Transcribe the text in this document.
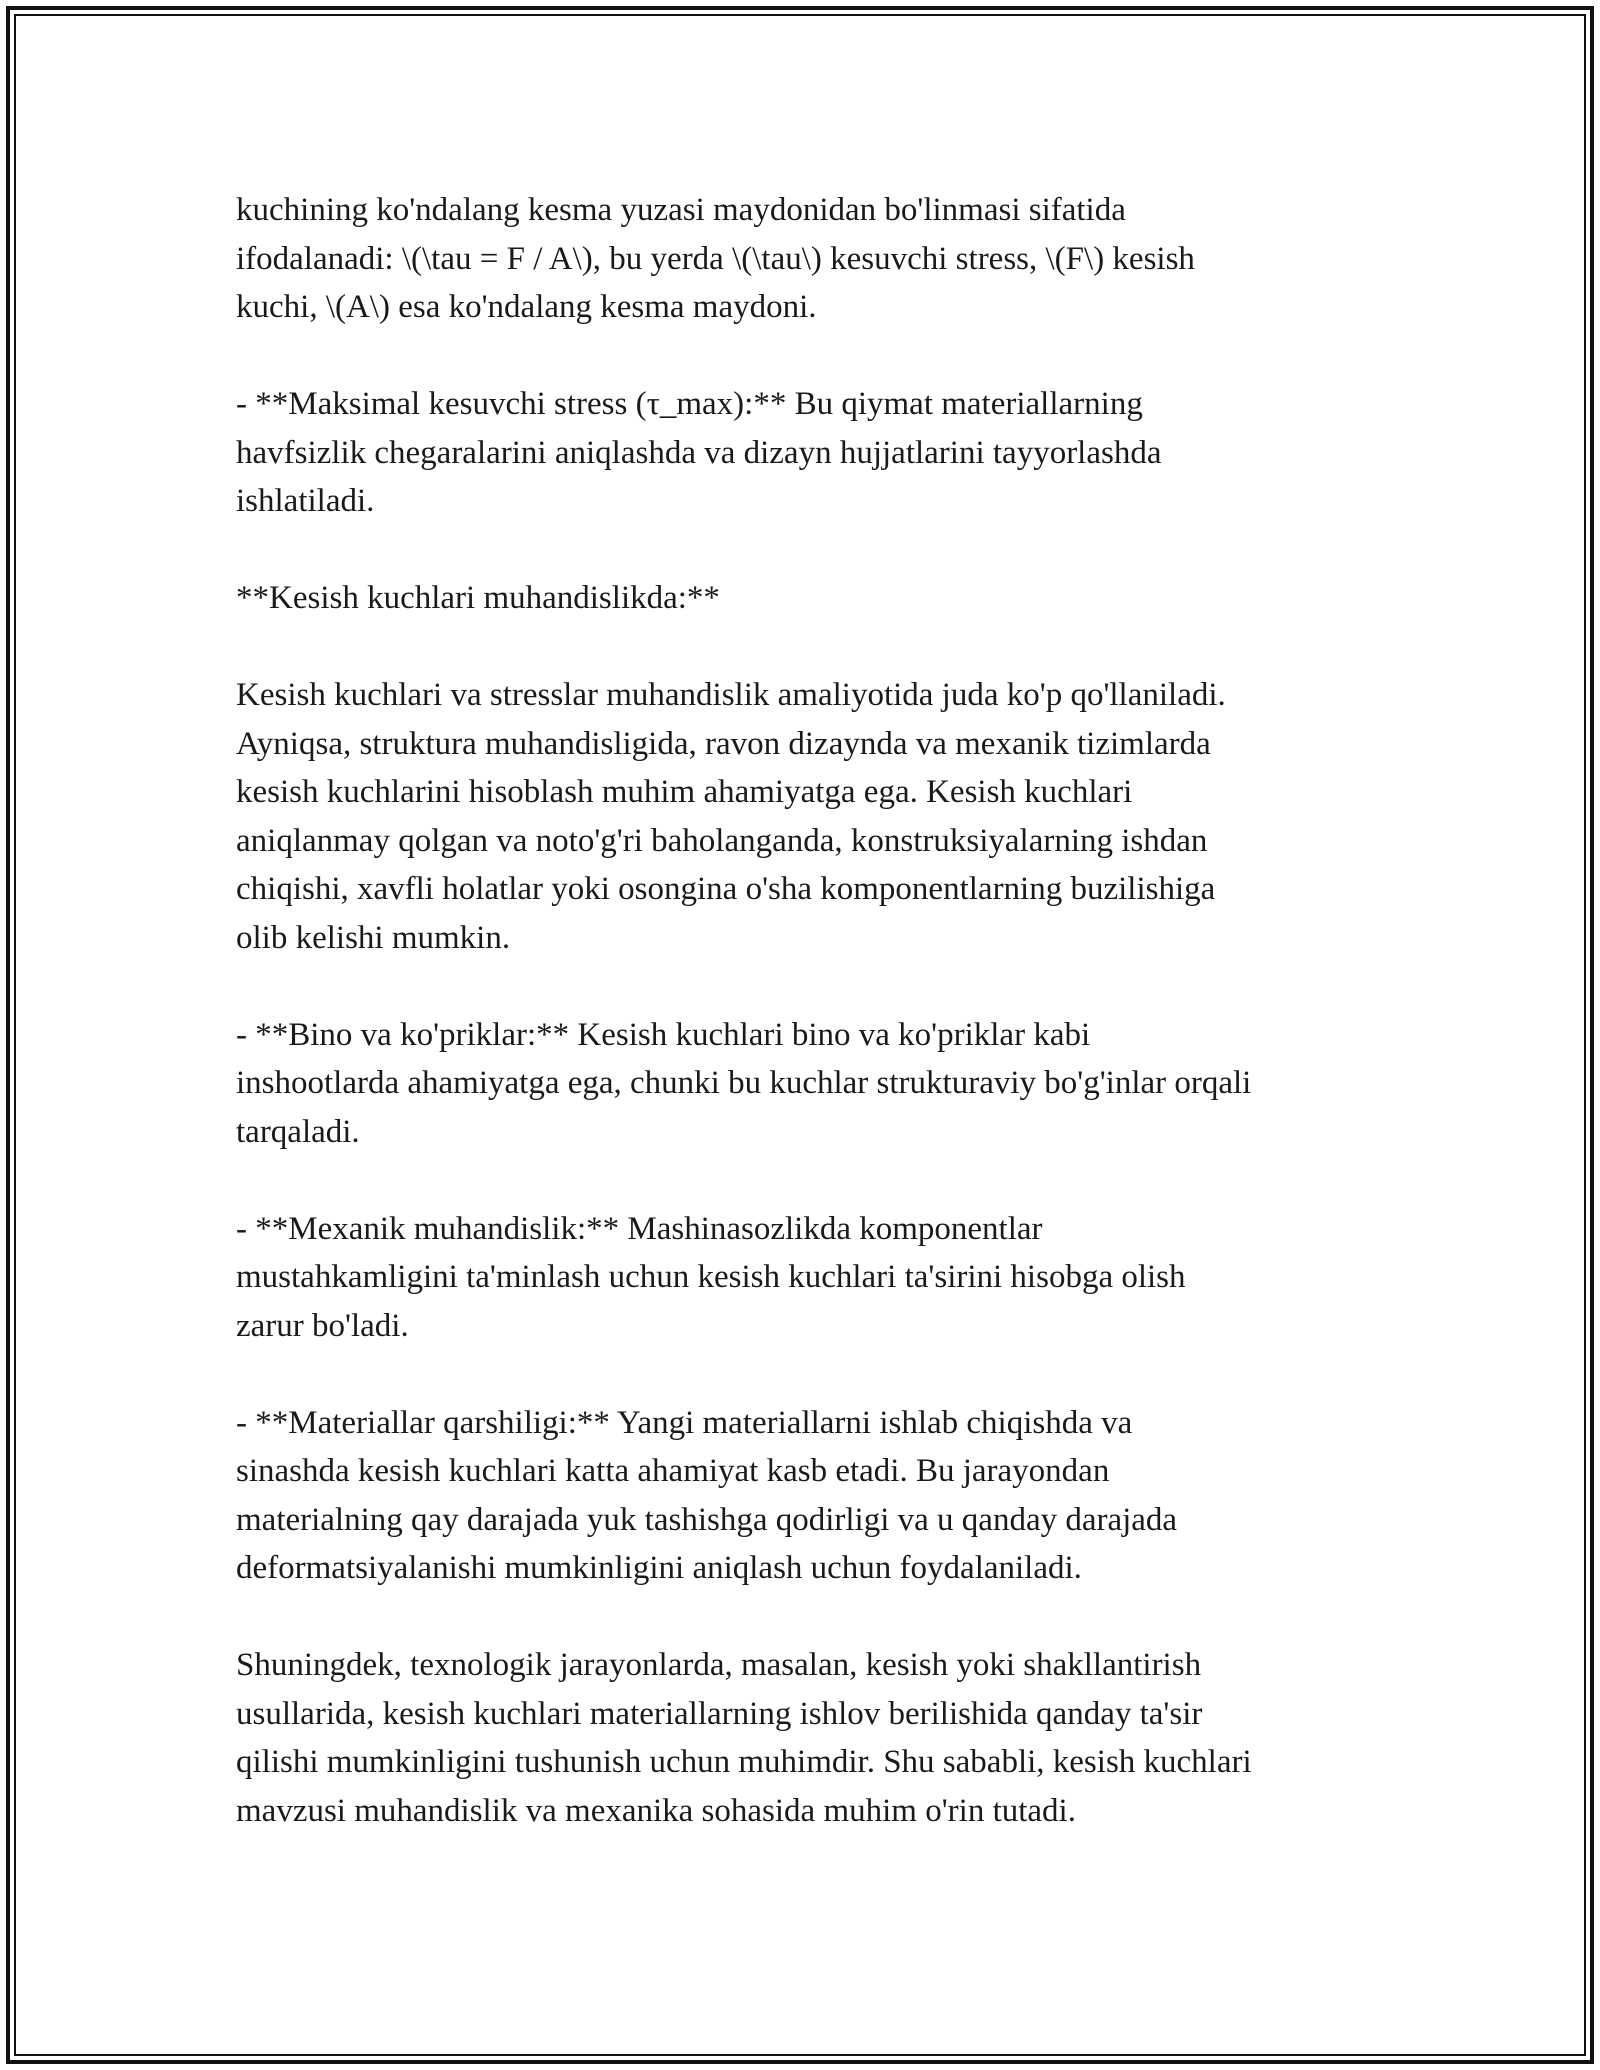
kuchining ko'ndalang kesma yuzasi maydonidan bo'linmasi sifatida
ifodalanadi: \(\tau = F / A\), bu yerda \(\tau\) kesuvchi stress, \(F\) kesish
kuchi, \(A\) esa ko'ndalang kesma maydoni.

- **Maksimal kesuvchi stress (τ_max):** Bu qiymat materiallarning
havfsizlik chegaralarini aniqlashda va dizayn hujjatlarini tayyorlashda
ishlatiladi.

**Kesish kuchlari muhandislikda:**

Kesish kuchlari va stresslar muhandislik amaliyotida juda ko'p qo'llaniladi.
Ayniqsa, struktura muhandisligida, ravon dizaynda va mexanik tizimlarda
kesish kuchlarini hisoblash muhim ahamiyatga ega. Kesish kuchlari
aniqlanmay qolgan va noto'g'ri baholanganda, konstruksiyalarning ishdan
chiqishi, xavfli holatlar yoki osongina o'sha komponentlarning buzilishiga
olib kelishi mumkin.

- **Bino va ko'priklar:** Kesish kuchlari bino va ko'priklar kabi
inshootlarda ahamiyatga ega, chunki bu kuchlar strukturaviy bo'g'inlar orqali
tarqaladi.

- **Mexanik muhandislik:** Mashinasozlikda komponentlar
mustahkamligini ta'minlash uchun kesish kuchlari ta'sirini hisobga olish
zarur bo'ladi.

- **Materiallar qarshiligi:** Yangi materiallarni ishlab chiqishda va
sinashda kesish kuchlari katta ahamiyat kasb etadi. Bu jarayondan
materialning qay darajada yuk tashishga qodirligi va u qanday darajada
deformatsiyalanishi mumkinligini aniqlash uchun foydalaniladi.

Shuningdek, texnologik jarayonlarda, masalan, kesish yoki shakllantirish
usullarida, kesish kuchlari materiallarning ishlov berilishida qanday ta'sir
qilishi mumkinligini tushunish uchun muhimdir. Shu sababli, kesish kuchlari
mavzusi muhandislik va mexanika sohasida muhim o'rin tutadi.
